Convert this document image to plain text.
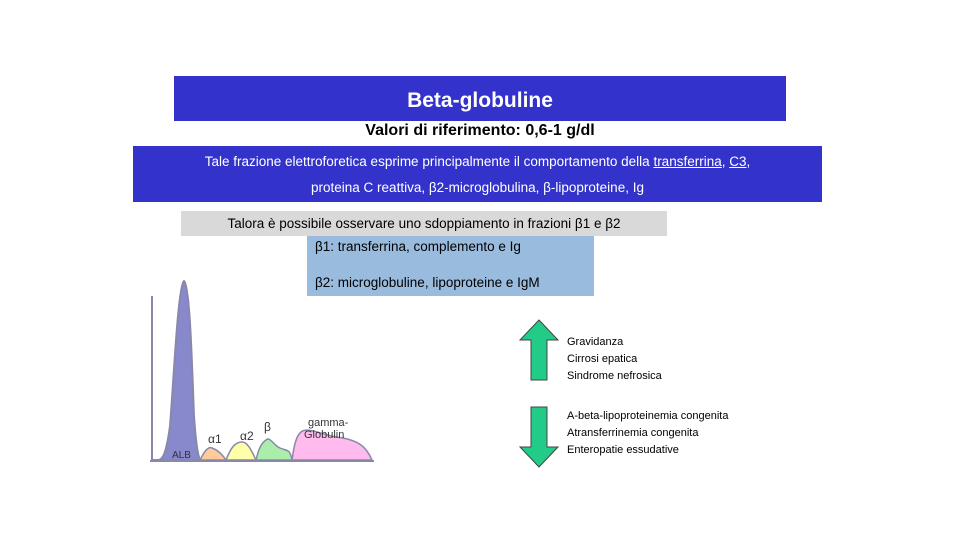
Beta-globuline
Valori di riferimento: 0,6-1 g/dl
Tale frazione elettroforetica esprime principalmente il comportamento della transferrina, C3,
proteina C reattiva, β2-microglobulina, β-lipoproteine, Ig
Talora è possibile osservare uno sdoppiamento in frazioni β1 e β2
β1: transferrina, complemento e Ig
β2: microglobuline, lipoproteine e IgM
ALB
α1 α2
β	gamma-
Globulin
Gravidanza
Cirrosi epatica
Sindrome nefrosica
A-beta-lipoproteinemia congenita
Atransferrinemia congenita
Enteropatie essudative
